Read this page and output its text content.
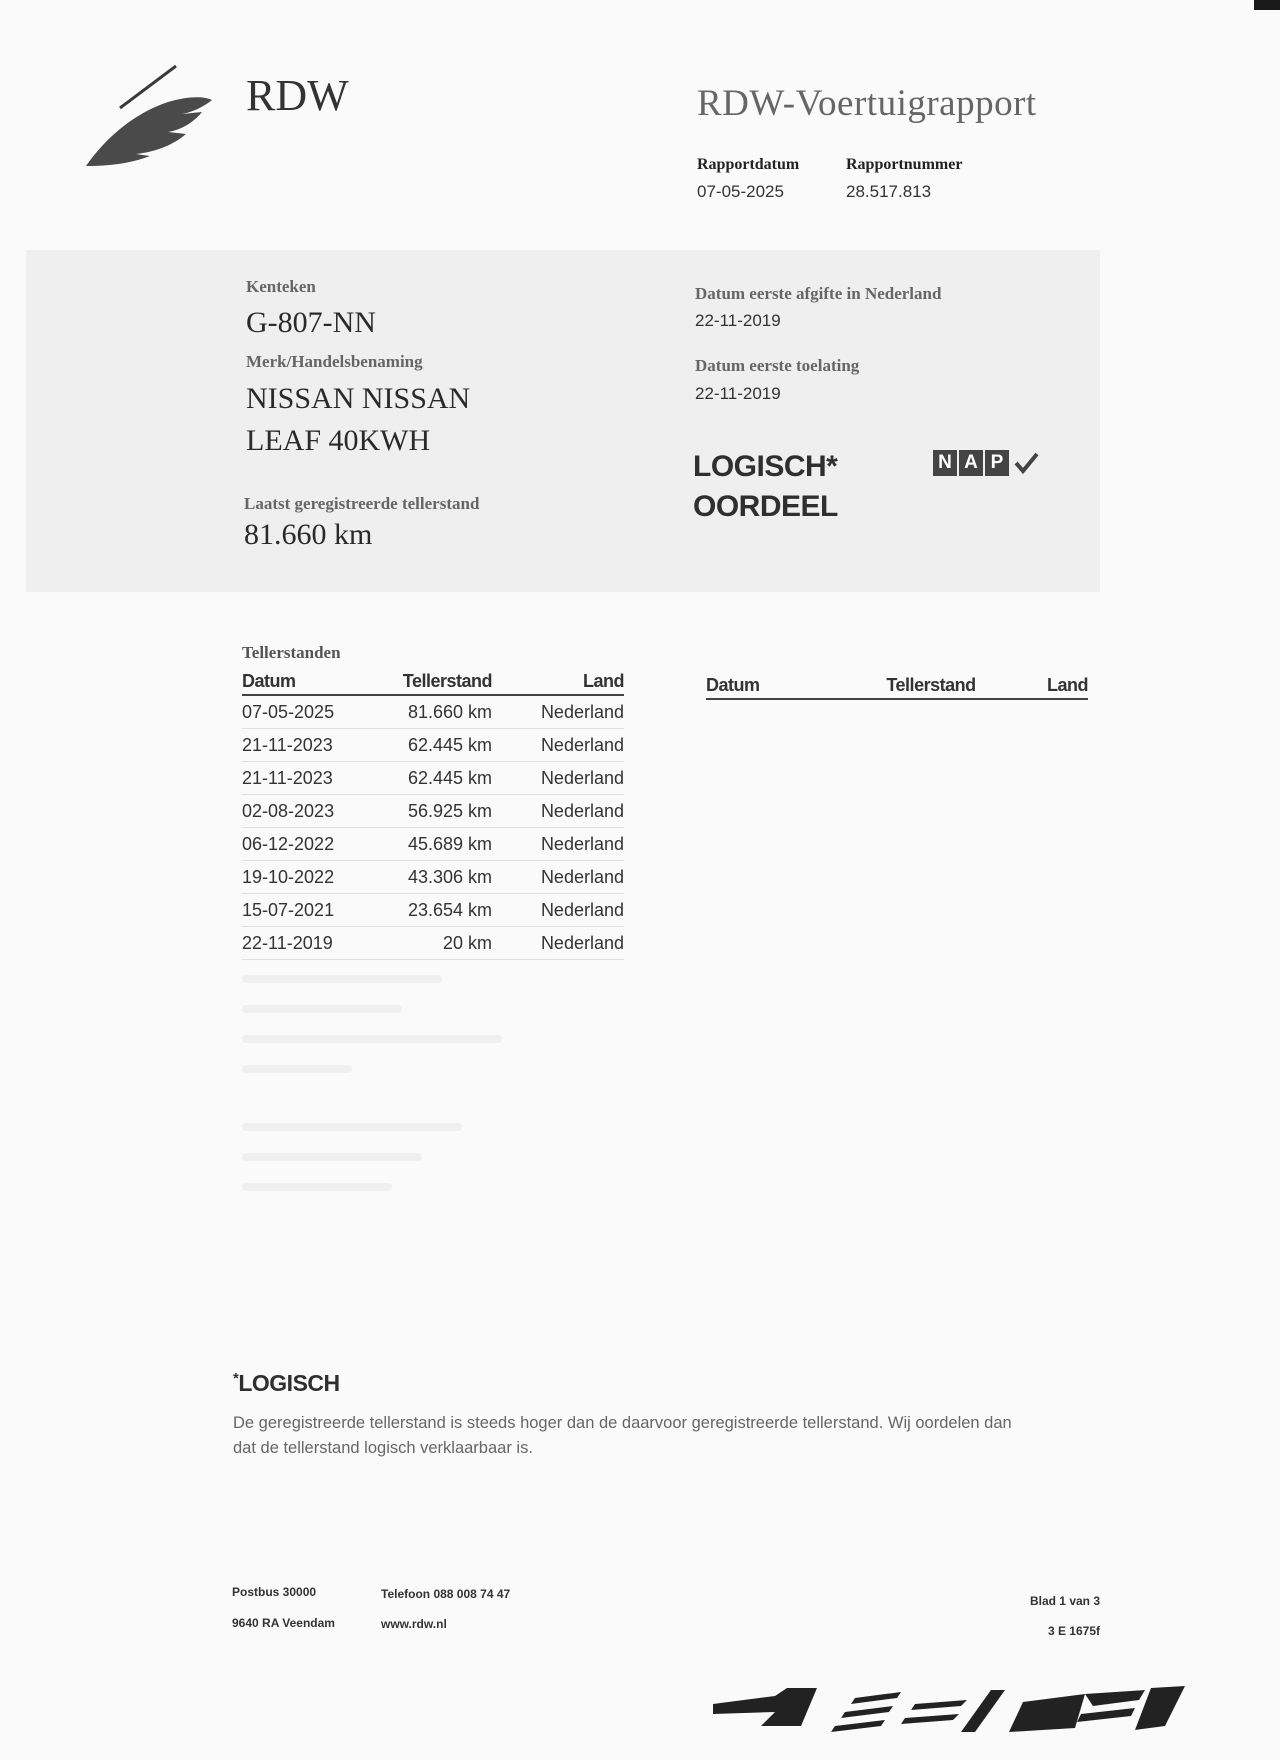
RDW	RDW-Voertuigrapport
Rapportdatum
07-05-2025
Rapportnummer
28.517.813
Kenteken
G-807-NN
Merk/Handelsbenaming
NISSAN NISSAN
LEAF 40KWH
Laatst geregistreerde tellerstand
81.660 km
Datum eerste afgifte in Nederland
22-11-2019
Datum eerste toelating
22-11-2019
LOGISCH*
OORDEEL
N A P
Tellerstanden
Datum	Tellerstand	Land
07-05-2025	81.660 km	Nederland
21-11-2023	62.445 km	Nederland
21-11-2023	62.445 km	Nederland
02-08-2023	56.925 km	Nederland
06-12-2022	45.689 km	Nederland
19-10-2022	43.306 km	Nederland
15-07-2021	23.654 km	Nederland
22-11-2019	20 km	Nederland
Datum	Tellerstand	Land
*LOGISCH
De geregistreerde tellerstand is steeds hoger dan de daarvoor geregistreerde tellerstand. Wij oordelen dan
dat de tellerstand logisch verklaarbaar is.
Postbus 30000
9640 RA Veendam
Telefoon 088 008 74 47
www.rdw.nl
Blad 1 van 3
3 E 1675f
